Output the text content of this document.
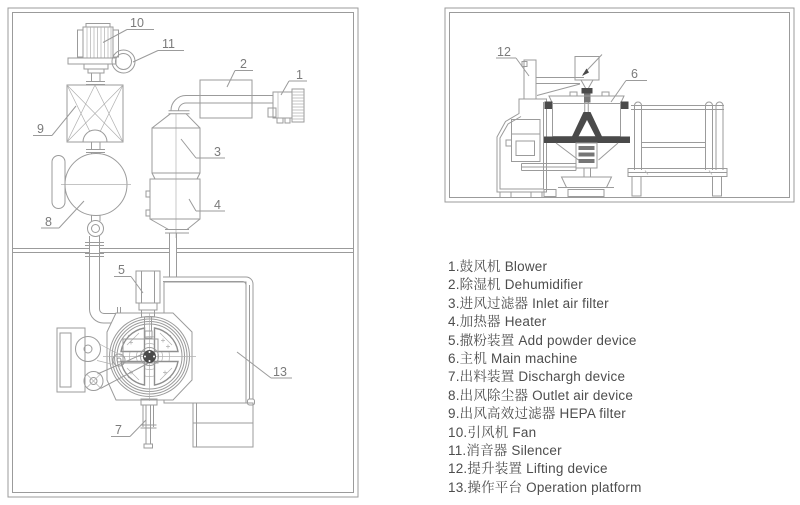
10
11
9
8
2
1
3
4
5
7
13
12
6
1.鼓风机 Blower
2.除湿机 Dehumidifier
3.进风过滤器 Inlet air filter
4.加热器 Heater
5.撒粉装置 Add powder device
6.主机 Main machine
7.出料装置 Dischargh device
8.出风除尘器 Outlet air device
9.出风高效过滤器 HEPA filter
10.引风机 Fan
11.消音器 Silencer
12.提升装置 Lifting device
13.操作平台 Operation platform
